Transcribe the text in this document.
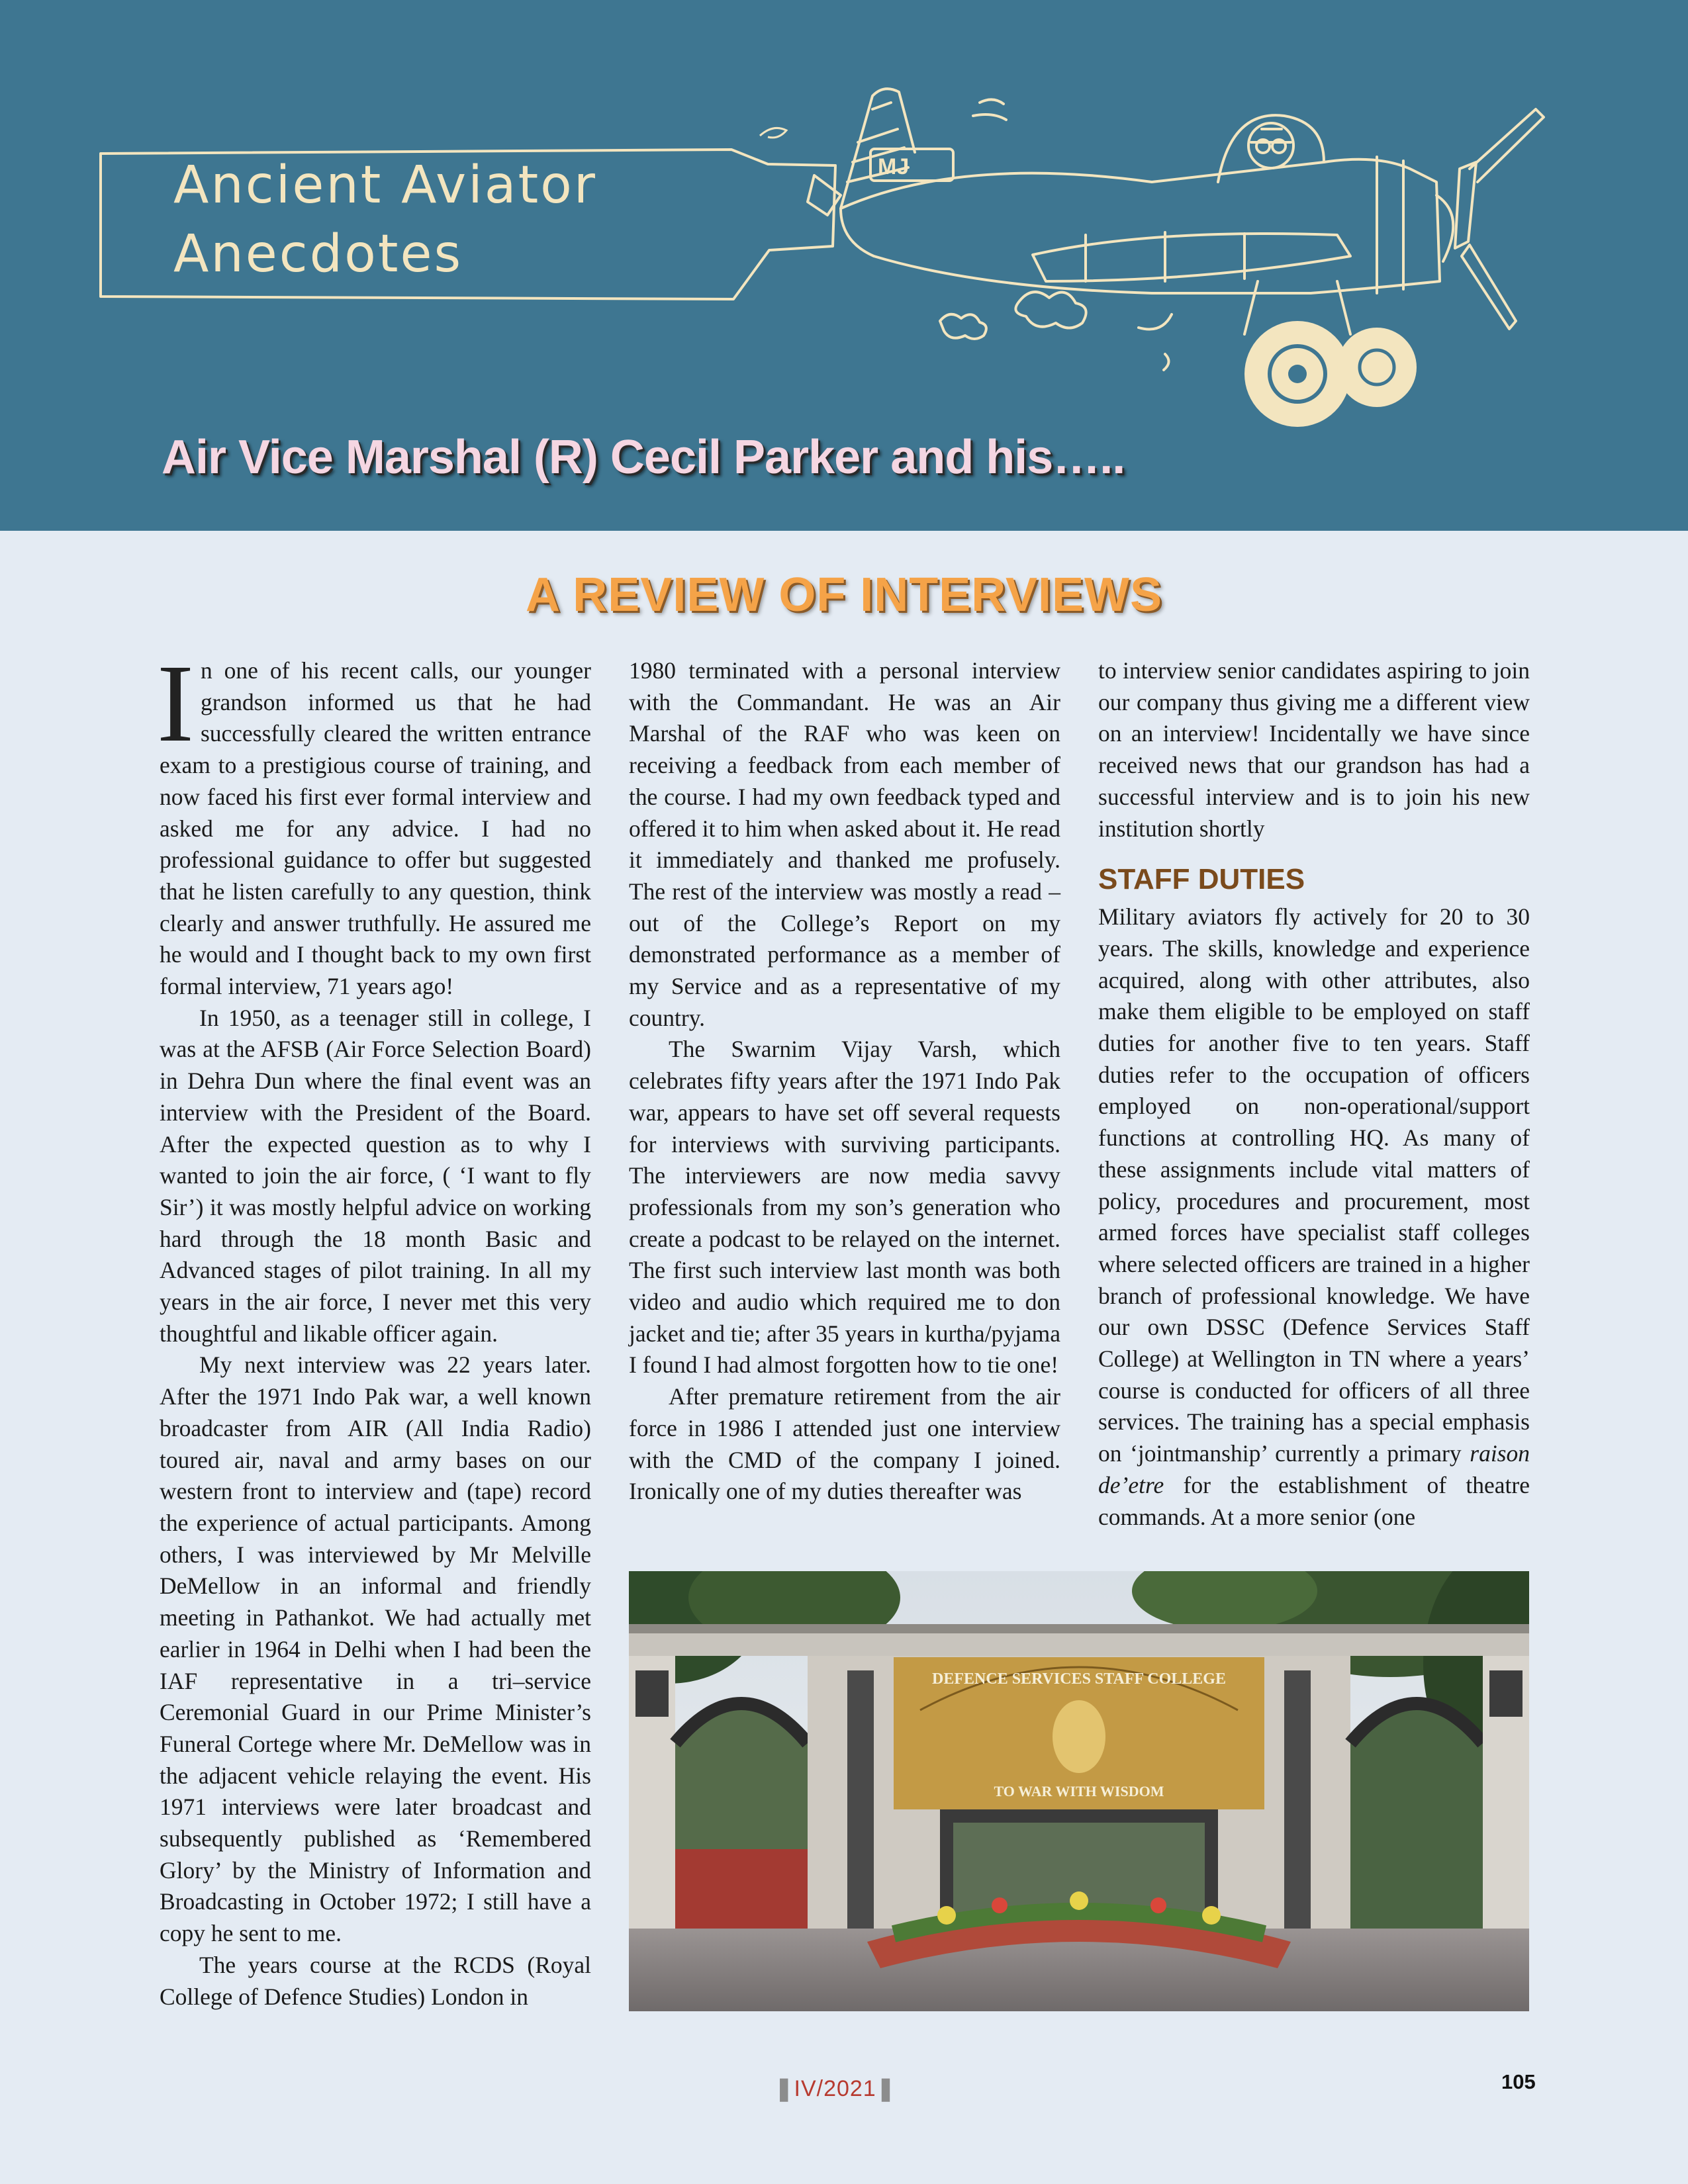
Ancient Aviator
Anecdotes
MJ
Air Vice Marshal (R) Cecil Parker and his…..
A REVIEW OF INTERVIEWS

In one of his recent calls, our younger grandson informed us that he had successfully cleared the written entrance exam to a prestigious course of training, and now faced his first ever formal interview and asked me for any advice. I had no professional guidance to offer but suggested that he listen carefully to any question, think clearly and answer truthfully. He assured me he would and I thought back to my own first formal interview, 71 years ago!

In 1950, as a teenager still in college, I was at the AFSB (Air Force Selection Board) in Dehra Dun where the final event was an interview with the President of the Board. After the expected question as to why I wanted to join the air force, ( ‘I want to fly Sir’) it was mostly helpful advice on working hard through the 18 month Basic and Advanced stages of pilot training. In all my years in the air force, I never met this very thoughtful and likable officer again.

My next interview was 22 years later. After the 1971 Indo Pak war, a well known broadcaster from AIR (All India Radio) toured air, naval and army bases on our western front to interview and (tape) record the experience of actual participants. Among others, I was interviewed by Mr Melville DeMellow in an informal and friendly meeting in Pathankot. We had actually met earlier in 1964 in Delhi when I had been the IAF representative in a tri–service Ceremonial Guard in our Prime Minister’s Funeral Cortege where Mr. DeMellow was in the adjacent vehicle relaying the event. His 1971 interviews were later broadcast and subsequently published as ‘Remembered Glory’ by the Ministry of Information and Broadcasting in October 1972; I still have a copy he sent to me.

The years course at the RCDS (Royal College of Defence Studies) London in

1980 terminated with a personal interview with the Commandant. He was an Air Marshal of the RAF who was keen on receiving a feedback from each member of the course. I had my own feedback typed and offered it to him when asked about it. He read it immediately and thanked me profusely. The rest of the interview was mostly a read – out of the College’s Report on my demonstrated performance as a member of my Service and as a representative of my country.

The Swarnim Vijay Varsh, which celebrates fifty years after the 1971 Indo Pak war, appears to have set off several requests for interviews with surviving participants. The interviewers are now media savvy professionals from my son’s generation who create a podcast to be relayed on the internet. The first such interview last month was both video and audio which required me to don jacket and tie; after 35 years in kurtha/pyjama I found I had almost forgotten how to tie one!

After premature retirement from the air force in 1986 I attended just one interview with the CMD of the company I joined. Ironically one of my duties thereafter was

to interview senior candidates aspiring to join our company thus giving me a different view on an interview! Incidentally we have since received news that our grandson has had a successful interview and is to join his new institution shortly

STAFF DUTIES

Military aviators fly actively for 20 to 30 years. The skills, knowledge and experience acquired, along with other attributes, also make them eligible to be employed on staff duties for another five to ten years. Staff duties refer to the occupation of officers employed on non-operational/support functions at controlling HQ. As many of these assignments include vital matters of policy, procedures and procurement, most armed forces have specialist staff colleges where selected officers are trained in a higher branch of professional knowledge. We have our own DSSC (Defence Services Staff College) at Wellington in TN where a years’ course is conducted for officers of all three services. The training has a special emphasis on ‘jointmanship’ currently a primary raison de’etre for the establishment of theatre commands. At a more senior (one

DEFENCE SERVICES STAFF COLLEGE
TO WAR WITH WISDOM
❚IV/2021❚	105
